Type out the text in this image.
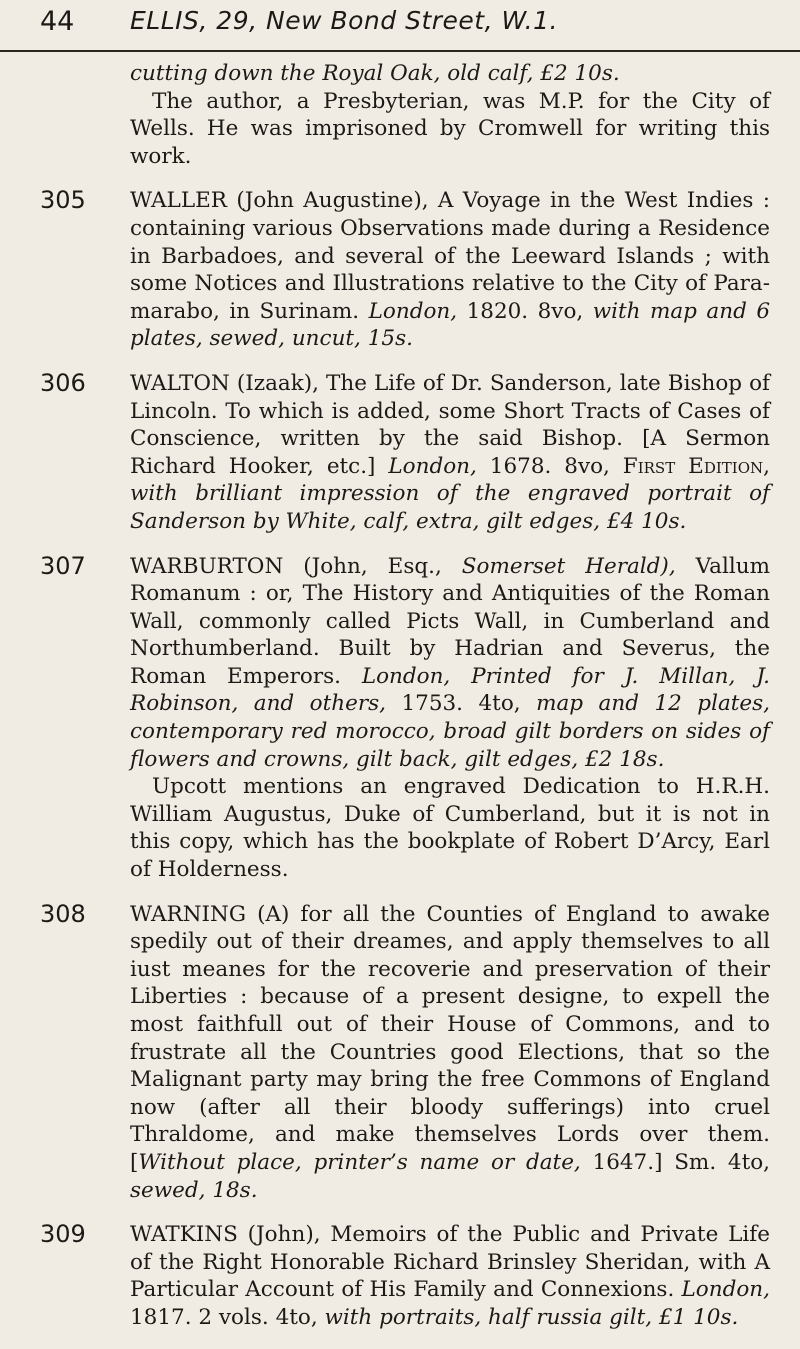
44 ELLIS, 29, New Bond Street, W.1.

cutting down the Royal Oak, old calf, £2 10s.

The author, a Presbyterian, was M.P. for the City of Wells. He was imprisoned by Cromwell for writing this work.

305 WALLER (John Augustine), A Voyage in the West Indies : containing various Observations made during a Residence in Barbadoes, and several of the Leeward Islands ; with some Notices and Illustrations relative to the City of Para-marabo, in Surinam. London, 1820. 8vo, with map and 6 plates, sewed, uncut, 15s.

306 WALTON (Izaak), The Life of Dr. Sanderson, late Bishop of Lincoln. To which is added, some Short Tracts of Cases of Conscience, written by the said Bishop. [A Sermon Richard Hooker, etc.] London, 1678. 8vo, First Edition, with brilliant impression of the engraved portrait of Sanderson by White, calf, extra, gilt edges, £4 10s.

307 WARBURTON (John, Esq., Somerset Herald), Vallum Romanum : or, The History and Antiquities of the Roman Wall, commonly called Picts Wall, in Cumberland and Northumberland. Built by Hadrian and Severus, the Roman Emperors. London, Printed for J. Millan, J. Robinson, and others, 1753. 4to, map and 12 plates, contemporary red morocco, broad gilt borders on sides of flowers and crowns, gilt back, gilt edges, £2 18s.

Upcott mentions an engraved Dedication to H.R.H. William Augustus, Duke of Cumberland, but it is not in this copy, which has the bookplate of Robert D’Arcy, Earl of Holderness.

308 WARNING (A) for all the Counties of England to awake spedily out of their dreames, and apply themselves to all iust meanes for the recoverie and preservation of their Liberties : because of a present designe, to expell the most faithfull out of their House of Commons, and to frustrate all the Countries good Elections, that so the Malignant party may bring the free Commons of England now (after all their bloody sufferings) into cruel Thraldome, and make themselves Lords over them. [Without place, printer’s name or date, 1647.] Sm. 4to, sewed, 18s.

309 WATKINS (John), Memoirs of the Public and Private Life of the Right Honorable Richard Brinsley Sheridan, with A Particular Account of His Family and Connexions. London, 1817. 2 vols. 4to, with portraits, half russia gilt, £1 10s.
